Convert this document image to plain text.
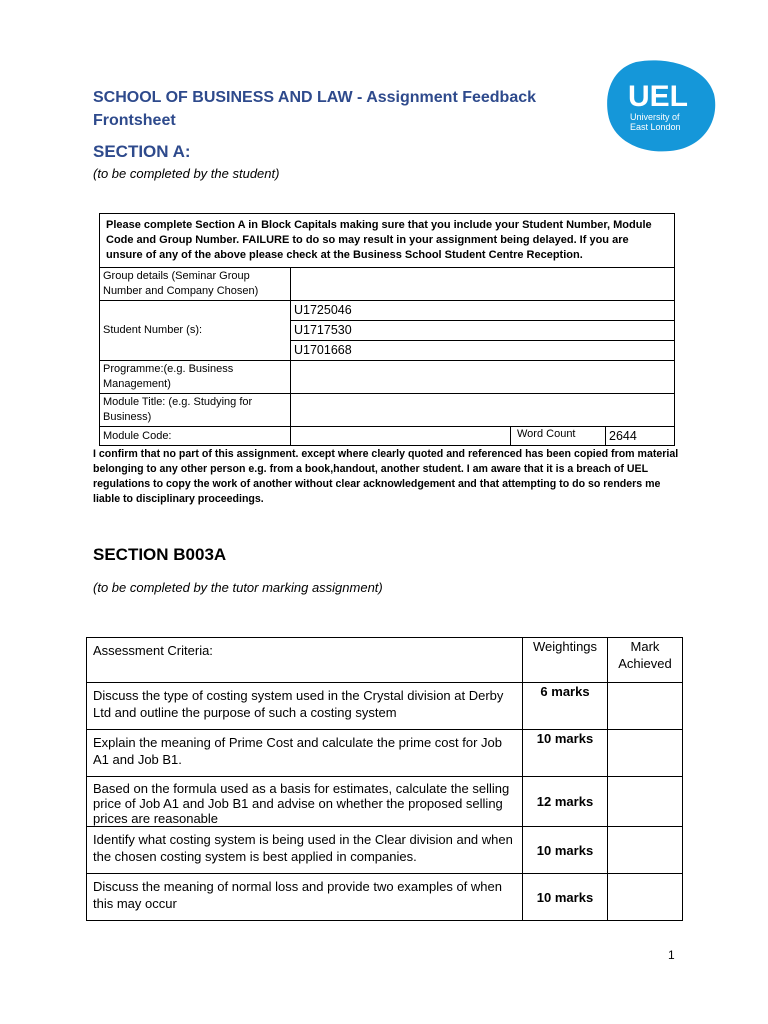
SCHOOL OF BUSINESS AND LAW - Assignment Feedback Frontsheet
UEL
University of
East London
SECTION A:
(to be completed by the student)
Please complete Section A in Block Capitals making sure that you include your Student Number, Module Code and Group Number. FAILURE to do so may result in your assignment being delayed. If you are unsure of any of the above please check at the Business School Student Centre Reception.		
Group details (Seminar Group Number and Company Chosen)		
Student Number (s):	U1725046	
	U1717530	
	U1701668	
Programme:(e.g. Business Management)		
Module Title: (e.g. Studying for Business)		
Module Code:	Word Count	2644
I confirm that no part of this assignment. except where clearly quoted and referenced has been copied from material belonging to any other person e.g. from a book,handout, another student. I am aware that it is a breach of UEL regulations to copy the work of another without clear acknowledgement and that attempting to do so renders me liable to disciplinary proceedings.
SECTION B003A
(to be completed by the tutor marking assignment)
Assessment Criteria:	Weightings	Mark Achieved
Discuss the type of costing system used in the Crystal division at Derby Ltd and outline the purpose of such a costing system	6 marks	
Explain the meaning of Prime Cost and calculate the prime cost for Job A1 and Job B1.	10 marks	
Based on the formula used as a basis for estimates, calculate the selling price of Job A1 and Job B1 and advise on whether the proposed selling prices are reasonable	12 marks	
Identify what costing system is being used in the Clear division and when the chosen costing system is best applied in companies.	10 marks	
Discuss the meaning of normal loss and provide two examples of when this may occur	10 marks	
1
